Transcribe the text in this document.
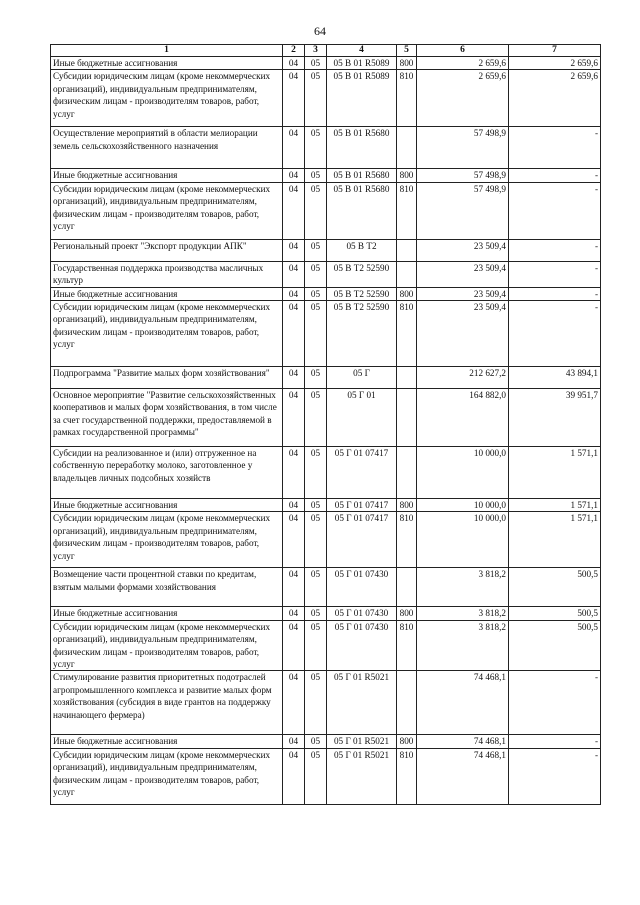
64
1	2	3	4	5	6	7
Иные бюджетные ассигнования	04	05	05 В 01 R5089	800	2 659,6	2 659,6
Субсидии юридическим лицам (кроме некоммерческих организаций), индивидуальным предпринимателям, физическим лицам - производителям товаров, работ, услуг	04	05	05 В 01 R5089	810	2 659,6	2 659,6
Осуществление мероприятий в области мелиорации земель сельскохозяйственного назначения	04	05	05 В 01 R5680		57 498,9	-
Иные бюджетные ассигнования	04	05	05 В 01 R5680	800	57 498,9	-
Субсидии юридическим лицам (кроме некоммерческих организаций), индивидуальным предпринимателям, физическим лицам - производителям товаров, работ, услуг	04	05	05 В 01 R5680	810	57 498,9	-
Региональный проект "Экспорт продукции АПК"	04	05	05 В T2		23 509,4	-
Государственная поддержка производства масличных культур	04	05	05 В T2 52590		23 509,4	-
Иные бюджетные ассигнования	04	05	05 В T2 52590	800	23 509,4	-
Субсидии юридическим лицам (кроме некоммерческих организаций), индивидуальным предпринимателям, физическим лицам - производителям товаров, работ, услуг	04	05	05 В T2 52590	810	23 509,4	-
Подпрограмма "Развитие малых форм хозяйствования"	04	05	05 Г		212 627,2	43 894,1
Основное мероприятие "Развитие сельскохозяйственных кооперативов и малых форм хозяйствования, в том числе за счет государственной поддержки, предоставляемой в рамках государственной программы"	04	05	05 Г 01		164 882,0	39 951,7
Субсидии на реализованное и (или) отгруженное на собственную переработку молоко, заготовленное у владельцев личных подсобных хозяйств	04	05	05 Г 01 07417		10 000,0	1 571,1
Иные бюджетные ассигнования	04	05	05 Г 01 07417	800	10 000,0	1 571,1
Субсидии юридическим лицам (кроме некоммерческих организаций), индивидуальным предпринимателям, физическим лицам - производителям товаров, работ, услуг	04	05	05 Г 01 07417	810	10 000,0	1 571,1
Возмещение части процентной ставки по кредитам, взятым малыми формами хозяйствования	04	05	05 Г 01 07430		3 818,2	500,5
Иные бюджетные ассигнования	04	05	05 Г 01 07430	800	3 818,2	500,5
Субсидии юридическим лицам (кроме некоммерческих организаций), индивидуальным предпринимателям, физическим лицам - производителям товаров, работ, услуг	04	05	05 Г 01 07430	810	3 818,2	500,5
Стимулирование развития приоритетных подотраслей агропромышленного комплекса и развитие малых форм хозяйствования (субсидия в виде грантов на поддержку начинающего фермера)	04	05	05 Г 01 R5021		74 468,1	-
Иные бюджетные ассигнования	04	05	05 Г 01 R5021	800	74 468,1	-
Субсидии юридическим лицам (кроме некоммерческих организаций), индивидуальным предпринимателям, физическим лицам - производителям товаров, работ, услуг	04	05	05 Г 01 R5021	810	74 468,1	-
